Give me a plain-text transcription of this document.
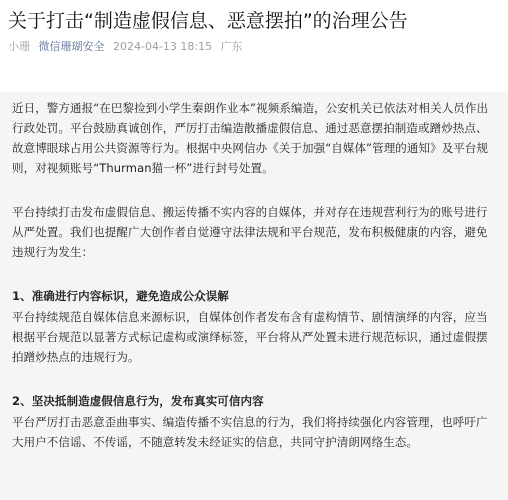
关于打击“制造虚假信息、恶意摆拍”的治理公告
小珊 微信珊瑚安全 2024-04-13 18:15 广东

近日，警方通报“在巴黎捡到小学生秦朗作业本”视频系编造，公安机关已依法对相关人员作出行政处罚。平台鼓励真诚创作，严厉打击编造散播虚假信息、通过恶意摆拍制造或蹭炒热点、故意博眼球占用公共资源等行为。根据中央网信办《关于加强“自媒体”管理的通知》及平台规则，对视频账号“Thurman猫一杯”进行封号处置。

平台持续打击发布虚假信息、搬运传播不实内容的自媒体，并对存在违规营利行为的账号进行从严处置。我们也提醒广大创作者自觉遵守法律法规和平台规范，发布积极健康的内容，避免违规行为发生：

1、准确进行内容标识，避免造成公众误解

平台持续规范自媒体信息来源标识，自媒体创作者发布含有虚构情节、剧情演绎的内容，应当根据平台规范以显著方式标记虚构或演绎标签，平台将从严处置未进行规范标识，通过虚假摆拍蹭炒热点的违规行为。

2、坚决抵制造虚假信息行为，发布真实可信内容

平台严厉打击恶意歪曲事实、编造传播不实信息的行为，我们将持续强化内容管理，也呼吁广大用户不信谣、不传谣，不随意转发未经证实的信息，共同守护清朗网络生态。
